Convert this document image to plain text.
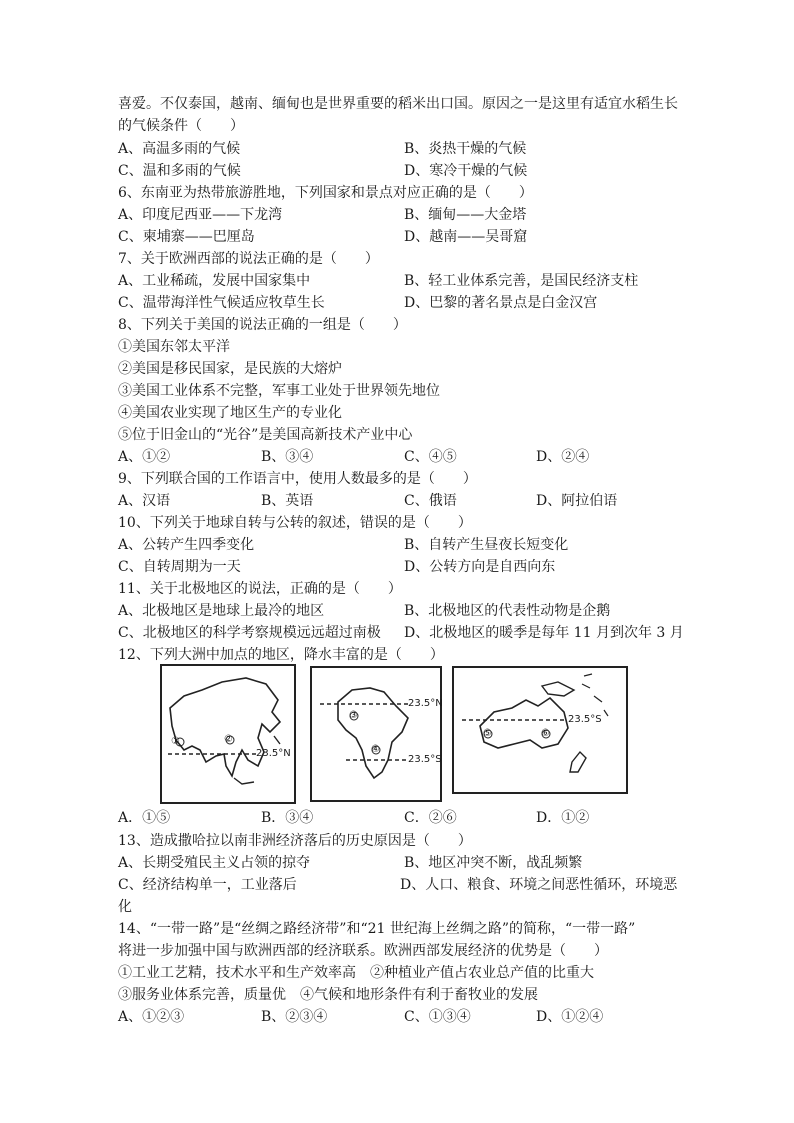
喜爱。不仅泰国，越南、缅甸也是世界重要的稻米出口国。原因之一是这里有适宜水稻生长
的气候条件（　　）
A、高温多雨的气候	B、炎热干燥的气候
C、温和多雨的气候	D、寒冷干燥的气候
6、东南亚为热带旅游胜地，下列国家和景点对应正确的是（　　）
A、印度尼西亚——下龙湾	B、缅甸——大金塔
C、柬埔寨——巴厘岛	D、越南——吴哥窟
7、关于欧洲西部的说法正确的是（　　）
A、工业稀疏，发展中国家集中	B、轻工业体系完善，是国民经济支柱
C、温带海洋性气候适应牧草生长	D、巴黎的著名景点是白金汉宫
8、下列关于美国的说法正确的一组是（　　）
①美国东邻太平洋
②美国是移民国家，是民族的大熔炉
③美国工业体系不完整，军事工业处于世界领先地位
④美国农业实现了地区生产的专业化
⑤位于旧金山的“光谷”是美国高新技术产业中心
A、①②	B、③④	C、④⑤	D、②④
9、下列联合国的工作语言中，使用人数最多的是（　　）
A、汉语	B、英语	C、俄语	D、阿拉伯语
10、下列关于地球自转与公转的叙述，错误的是（　　）
A、公转产生四季变化	B、自转产生昼夜长短变化
C、自转周期为一天	D、公转方向是自西向东
11、关于北极地区的说法，正确的是（　　）
A、北极地区是地球上最冷的地区	B、北极地区的代表性动物是企鹅
C、北极地区的科学考察规模远远超过南极 D、北极地区的暖季是每年 11 月到次年 3 月
12、下列大洲中加点的地区，降水丰富的是（　　）
23.5°N
①	②
23.5°N
23.5°S
③
④
23.5°S
⑤	⑥
A．①⑤	B．③④	C．②⑥	D．①②
13、造成撒哈拉以南非洲经济落后的历史原因是（　　）
A、长期受殖民主义占领的掠夺	B、地区冲突不断，战乱频繁
C、经济结构单一，工业落后	D、人口、粮食、环境之间恶性循环，环境恶
化
14、“一带一路”是“丝绸之路经济带”和“21 世纪海上丝绸之路”的简称，“一带一路”
将进一步加强中国与欧洲西部的经济联系。欧洲西部发展经济的优势是（　　）
①工业工艺精，技术水平和生产效率高　②种植业产值占农业总产值的比重大
③服务业体系完善，质量优　④气候和地形条件有利于畜牧业的发展
A、①②③	B、②③④	C、①③④	D、①②④
